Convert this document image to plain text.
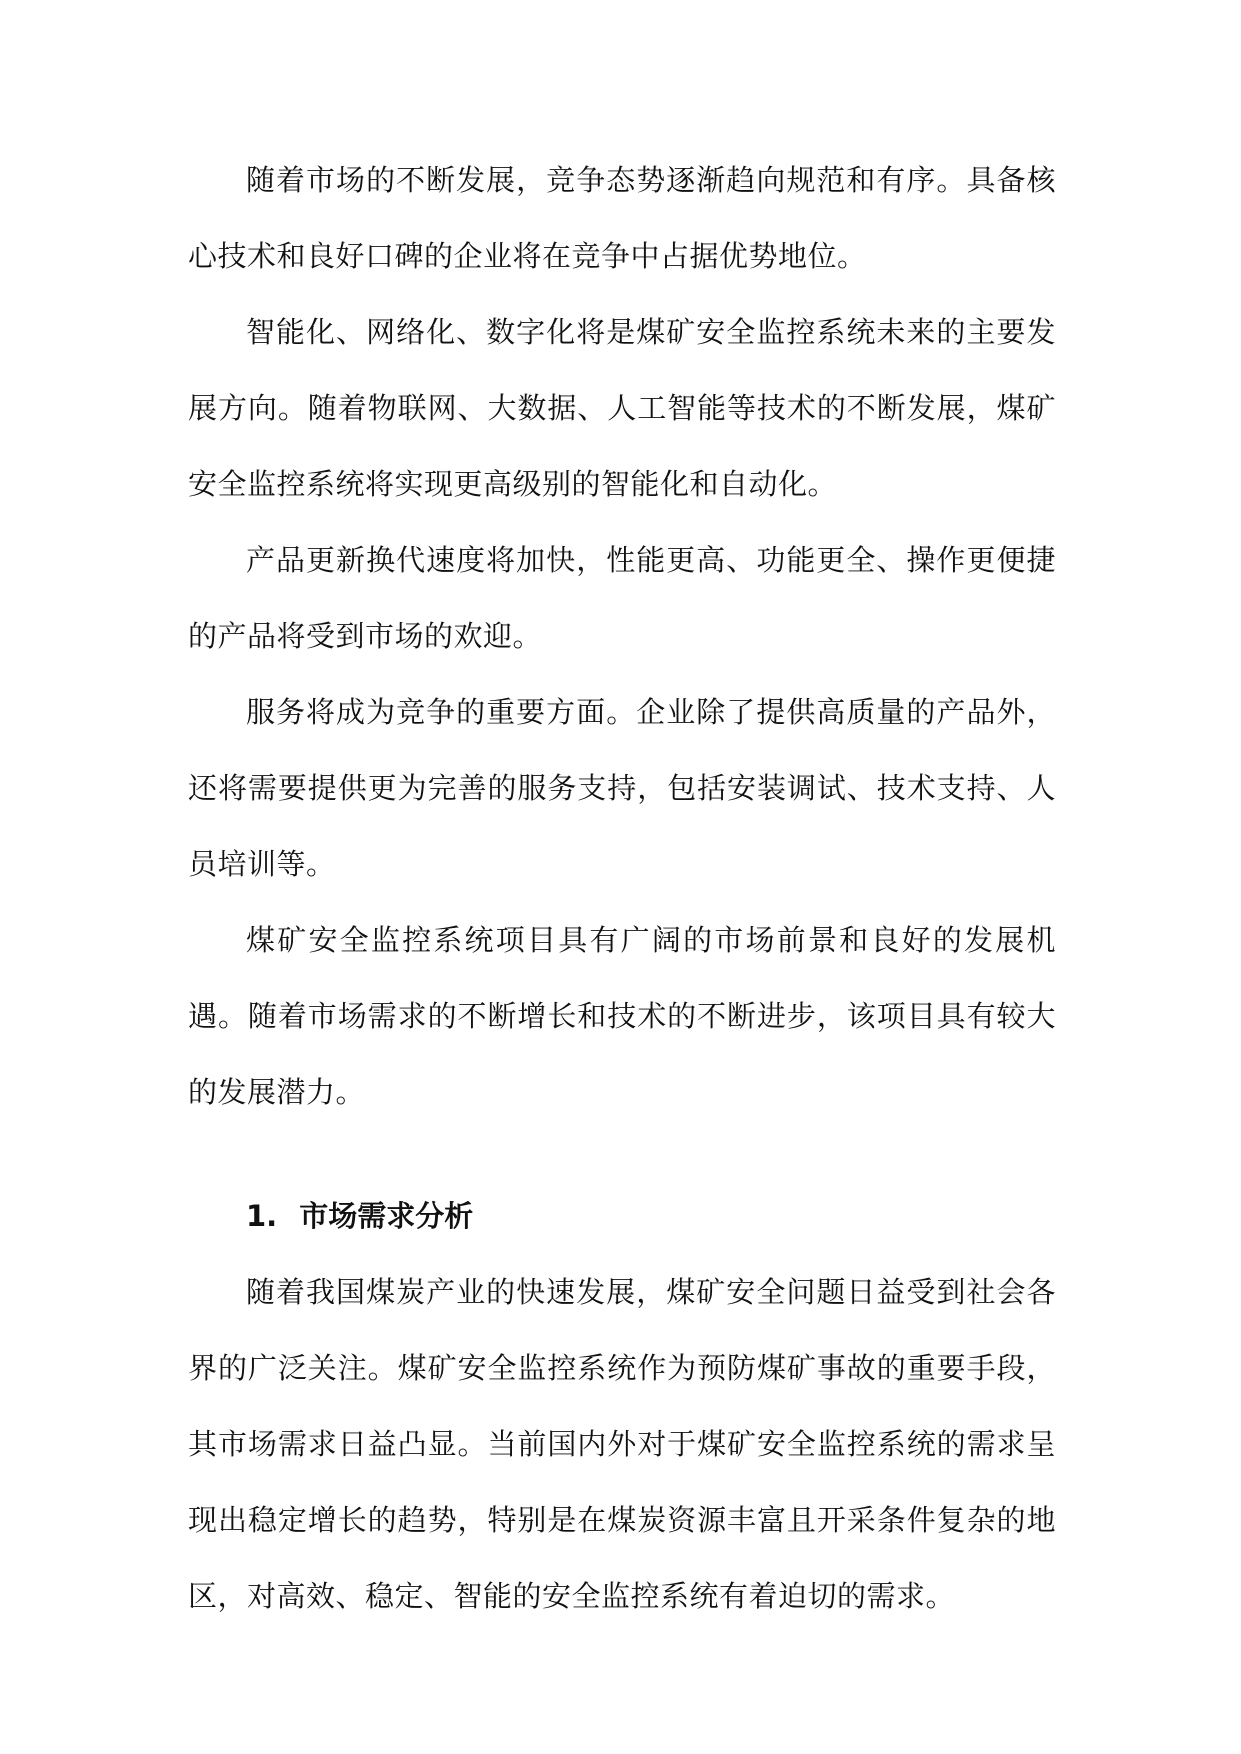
随着市场的不断发展，竞争态势逐渐趋向规范和有序。具备核心技术和良好口碑的企业将在竞争中占据优势地位。

智能化、网络化、数字化将是煤矿安全监控系统未来的主要发展方向。随着物联网、大数据、人工智能等技术的不断发展，煤矿安全监控系统将实现更高级别的智能化和自动化。

产品更新换代速度将加快，性能更高、功能更全、操作更便捷的产品将受到市场的欢迎。

服务将成为竞争的重要方面。企业除了提供高质量的产品外，还将需要提供更为完善的服务支持，包括安装调试、技术支持、人员培训等。

煤矿安全监控系统项目具有广阔的市场前景和良好的发展机遇。随着市场需求的不断增长和技术的不断进步，该项目具有较大的发展潜力。

1. 市场需求分析

随着我国煤炭产业的快速发展，煤矿安全问题日益受到社会各界的广泛关注。煤矿安全监控系统作为预防煤矿事故的重要手段，其市场需求日益凸显。当前国内外对于煤矿安全监控系统的需求呈现出稳定增长的趋势，特别是在煤炭资源丰富且开采条件复杂的地区，对高效、稳定、智能的安全监控系统有着迫切的需求。
